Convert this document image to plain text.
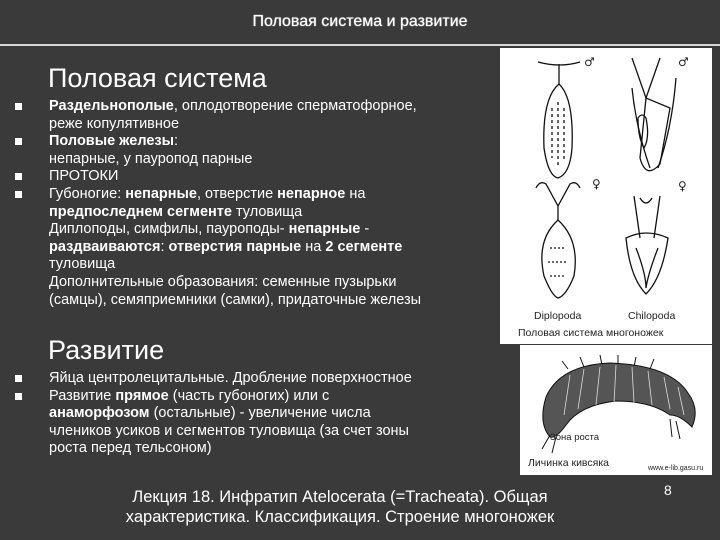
Половая система и развитие
Половая система
Раздельнополые, оплодотворение сперматофорное,
реже копулятивное
Половые железы:
непарные, у пауропод парные
ПРОТОКИ
Губоногие: непарные, отверстие непарное на
предпоследнем сегменте туловища
Диплоподы, симфилы, пауроподы- непарные -
раздваиваются: отверстия парные на 2 сегменте
туловища
Дополнительные образования: семенные пузырьки
(самцы), семяприемники (самки), придаточные железы
Развитие
Яйца центролецитальные. Дробление поверхностное
Развитие прямое (часть губоногих) или с
анаморфозом (остальные) - увеличение числа
члеников усиков и сегментов туловища (за счет зоны
роста перед тельсоном)
♂	♂
♀	♀
Diplopoda	Chilopoda
Половая система многоножек
Зона роста
Личинка кивсяка	www.e-lib.gasu.ru
Лекция 18. Инфратип Atelocerata (=Tracheata). Общая
характеристика. Классификация. Строение многоножек
8
